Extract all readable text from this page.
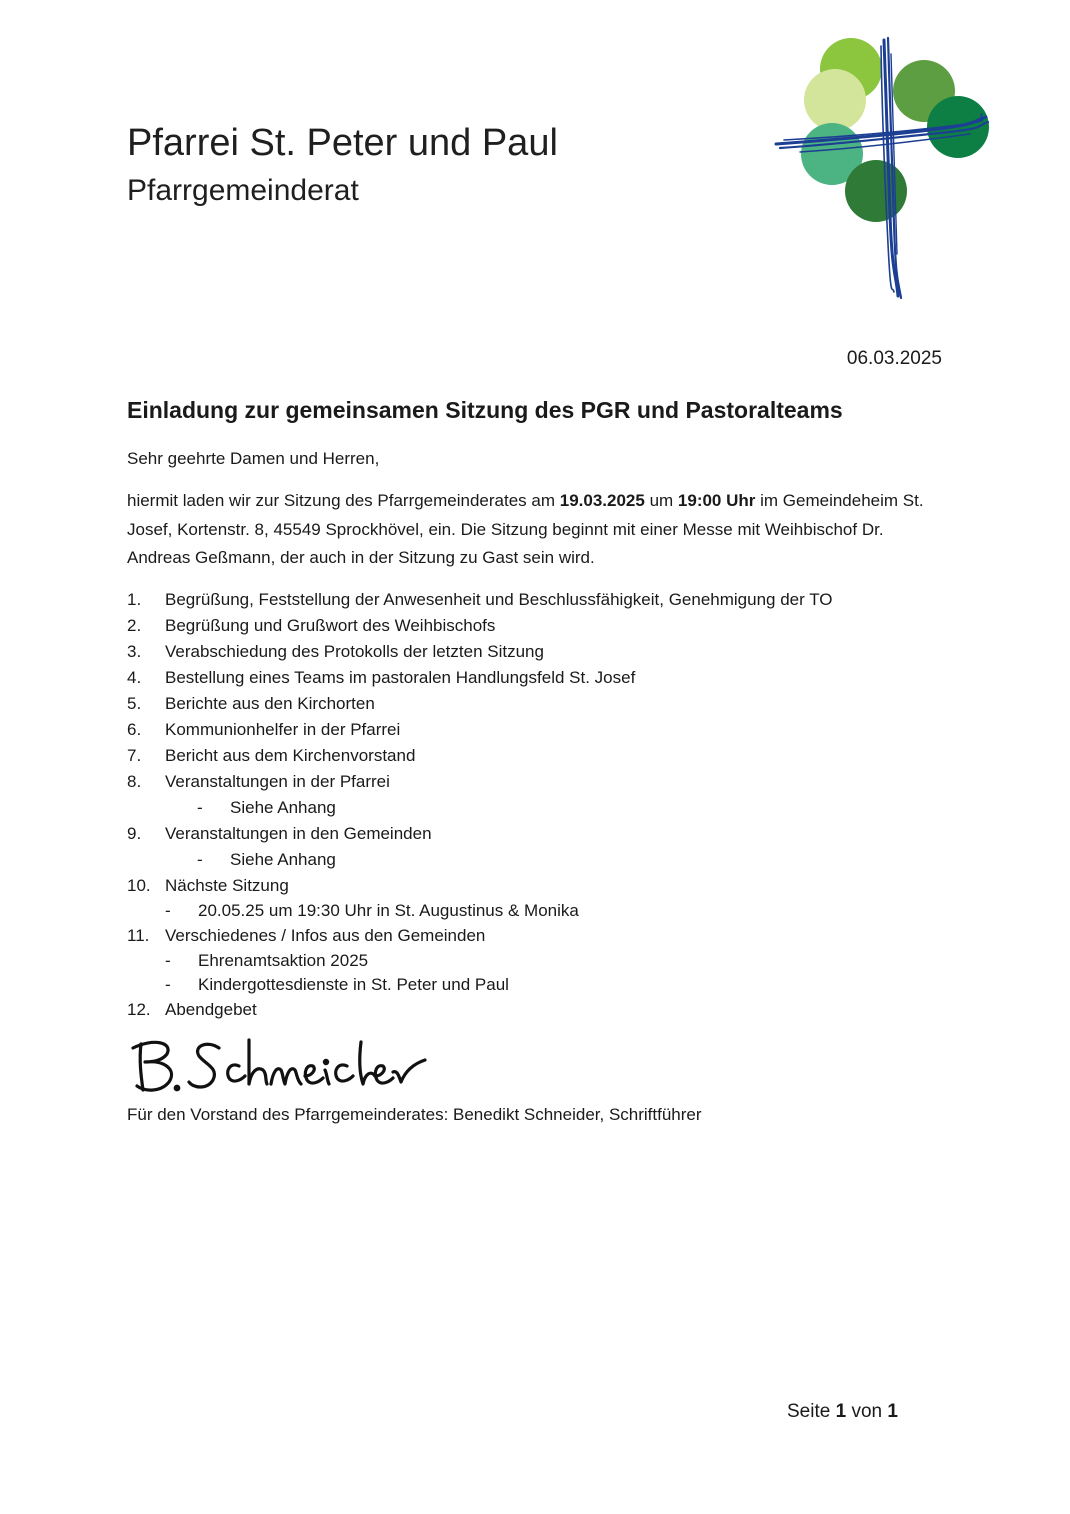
Pfarrei St. Peter und Paul
Pfarrgemeinderat
06.03.2025
Einladung zur gemeinsamen Sitzung des PGR und Pastoralteams
Sehr geehrte Damen und Herren,
hiermit laden wir zur Sitzung des Pfarrgemeinderates am 19.03.2025 um 19:00 Uhr im Gemeindeheim St. Josef, Kortenstr. 8, 45549 Sprockhövel, ein. Die Sitzung beginnt mit einer Messe mit Weihbischof Dr. Andreas Geßmann, der auch in der Sitzung zu Gast sein wird.
1. Begrüßung, Feststellung der Anwesenheit und Beschlussfähigkeit, Genehmigung der TO
2. Begrüßung und Grußwort des Weihbischofs
3. Verabschiedung des Protokolls der letzten Sitzung
4. Bestellung eines Teams im pastoralen Handlungsfeld St. Josef
5. Berichte aus den Kirchorten
6. Kommunionhelfer in der Pfarrei
7. Bericht aus dem Kirchenvorstand
8. Veranstaltungen in der Pfarrei
- Siehe Anhang
9. Veranstaltungen in den Gemeinden
- Siehe Anhang
10. Nächste Sitzung
- 20.05.25 um 19:30 Uhr in St. Augustinus & Monika
11. Verschiedenes / Infos aus den Gemeinden
- Ehrenamtsaktion 2025
- Kindergottesdienste in St. Peter und Paul
12. Abendgebet
Für den Vorstand des Pfarrgemeinderates: Benedikt Schneider, Schriftführer
Seite 1 von 1
